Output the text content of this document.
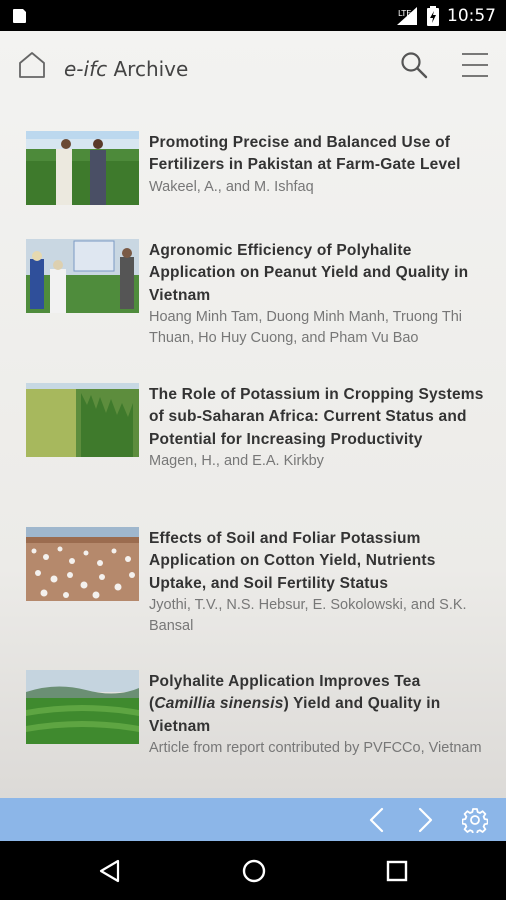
LTE 10:57
e-ifc Archive
Promoting Precise and Balanced Use of Fertilizers in Pakistan at Farm-Gate Level
Wakeel, A., and M. Ishfaq
Agronomic Efficiency of Polyhalite Application on Peanut Yield and Quality in Vietnam
Hoang Minh Tam, Duong Minh Manh, Truong Thi Thuan, Ho Huy Cuong, and Pham Vu Bao
The Role of Potassium in Cropping Systems of sub-Saharan Africa: Current Status and Potential for Increasing Productivity
Magen, H., and E.A. Kirkby
Effects of Soil and Foliar Potassium Application on Cotton Yield, Nutrients Uptake, and Soil Fertility Status
Jyothi, T.V., N.S. Hebsur, E. Sokolowski, and S.K. Bansal
Polyhalite Application Improves Tea (Camillia sinensis) Yield and Quality in Vietnam
Article from report contributed by PVFCCo, Vietnam
